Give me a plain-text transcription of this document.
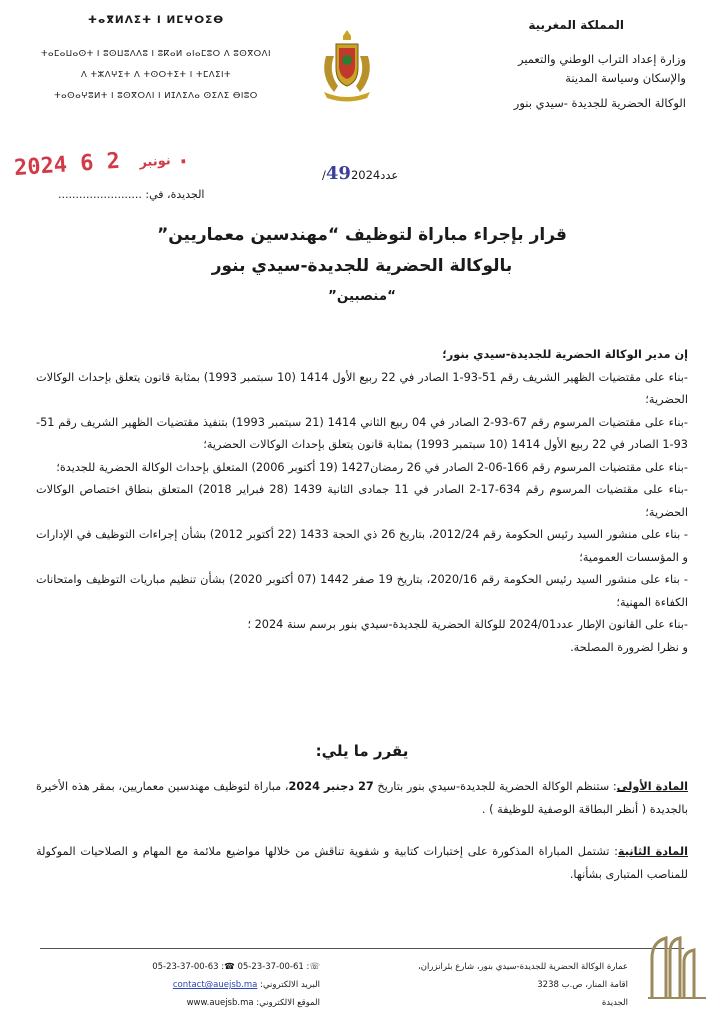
ⵜⴰⴳⵍⴷⵉⵜ ⵏ ⵍⵎⵖⵔⵉⴱ
ⵜⴰⵎⴰⵡⴰⵙⵜ ⵏ ⵓⵙⵡⵓⴷⴷⵓ ⵏ ⵓⴽⴰⵍ ⴰⵏⴰⵎⵓⵔ ⴷ ⵓⵙⴳⵔⴷⵏ
ⴷ ⵜⵣⴷⵖⵉⵜ ⴷ ⵜⵙⵔⵜⵉⵜ ⵏ ⵜⵎⴷⵉⵏⵜ
ⵜⴰⵙⴰⵖⵓⵍⵜ ⵏ ⵓⵙⴳⵔⴷⵏ ⵏ ⵍⵊⴷⵉⴷⴰ ⵙⵉⴷⵉ ⴱⵏⵓⵔ
المملكة المغربية
وزارة إعداد التراب الوطني والتعمير
والإسكان وسياسة المدينة
الوكالة الحضرية للجديدة -سيدي بنور
2024	نونبر 2 6.
عدد492024/
الجديدة، في: ........................
قرار بإجراء مباراة لتوظيف “مهندسين معماريين”
بالوكالة الحضرية للجديدة-سيدي بنور
“منصبين”

إن مدير الوكالة الحضرية للجديدة-سيدي بنور؛

-بناء على مقتضيات الظهير الشريف رقم 51-93-1 الصادر في 22 ربيع الأول 1414 (10 سبتمبر 1993) بمثابة قانون يتعلق بإحداث الوكالات الحضرية؛

-بناء على مقتضيات المرسوم رقم 67-93-2 الصادر في 04 ربيع الثاني 1414 (21 سبتمبر 1993) بتنفيذ مقتضيات الظهير الشريف رقم 51-93-1 الصادر في 22 ربيع الأول 1414 (10 سبتمبر 1993) بمثابة قانون يتعلق بإحداث الوكالات الحضرية؛

-بناء على مقتضيات المرسوم رقم 166-06-2 الصادر في 26 رمضان1427 (19 أكتوبر 2006) المتعلق بإحداث الوكالة الحضرية للجديدة؛

-بناء على مقتضيات المرسوم رقم 634-17-2 الصادر في 11 جمادى الثانية 1439 (28 فبراير 2018) المتعلق بنطاق اختصاص الوكالات الحضرية؛

- بناء على منشور السيد رئيس الحكومة رقم 2012/24، بتاريخ 26 ذي الحجة 1433 (22 أكتوبر 2012) بشأن إجراءات التوظيف في الإدارات و المؤسسات العمومية؛

- بناء على منشور السيد رئيس الحكومة رقم 2020/16، بتاريخ 19 صفر 1442 (07 أكتوبر 2020) بشأن تنظيم مباريات التوظيف وامتحانات الكفاءة المهنية؛

-بناء على القانون الإطار عدد2024/01 للوكالة الحضرية للجديدة-سيدي بنور برسم سنة 2024 ؛

و نظرا لضرورة المصلحة.

يقرر ما يلي:

المادة الأولى: ستنظم الوكالة الحضرية للجديدة-سيدي بنور بتاريخ 27 دجنبر 2024، مباراة لتوظيف مهندسين معماريين، بمقر هذه الأخيرة بالجديدة ( أنظر البطاقة الوصفية للوظيفة ) .

المادة الثانية: تشتمل المباراة المذكورة على إختبارات كتابية و شفوية تناقش من خلالها مواضيع ملائمة مع المهام و الصلاحيات الموكولة للمناصب المتبارى بشأنها.

عمارة الوكالة الحضرية للجديدة-سيدي بنور، شارع بئرانزران،
اقامة المنار، ص.ب 3238
الجديدة
☏: 05-23-37-00-61 ☎: 05-23-37-00-63
البريد الالكتروني: contact@auejsb.ma
الموقع الالكتروني: www.auejsb.ma
